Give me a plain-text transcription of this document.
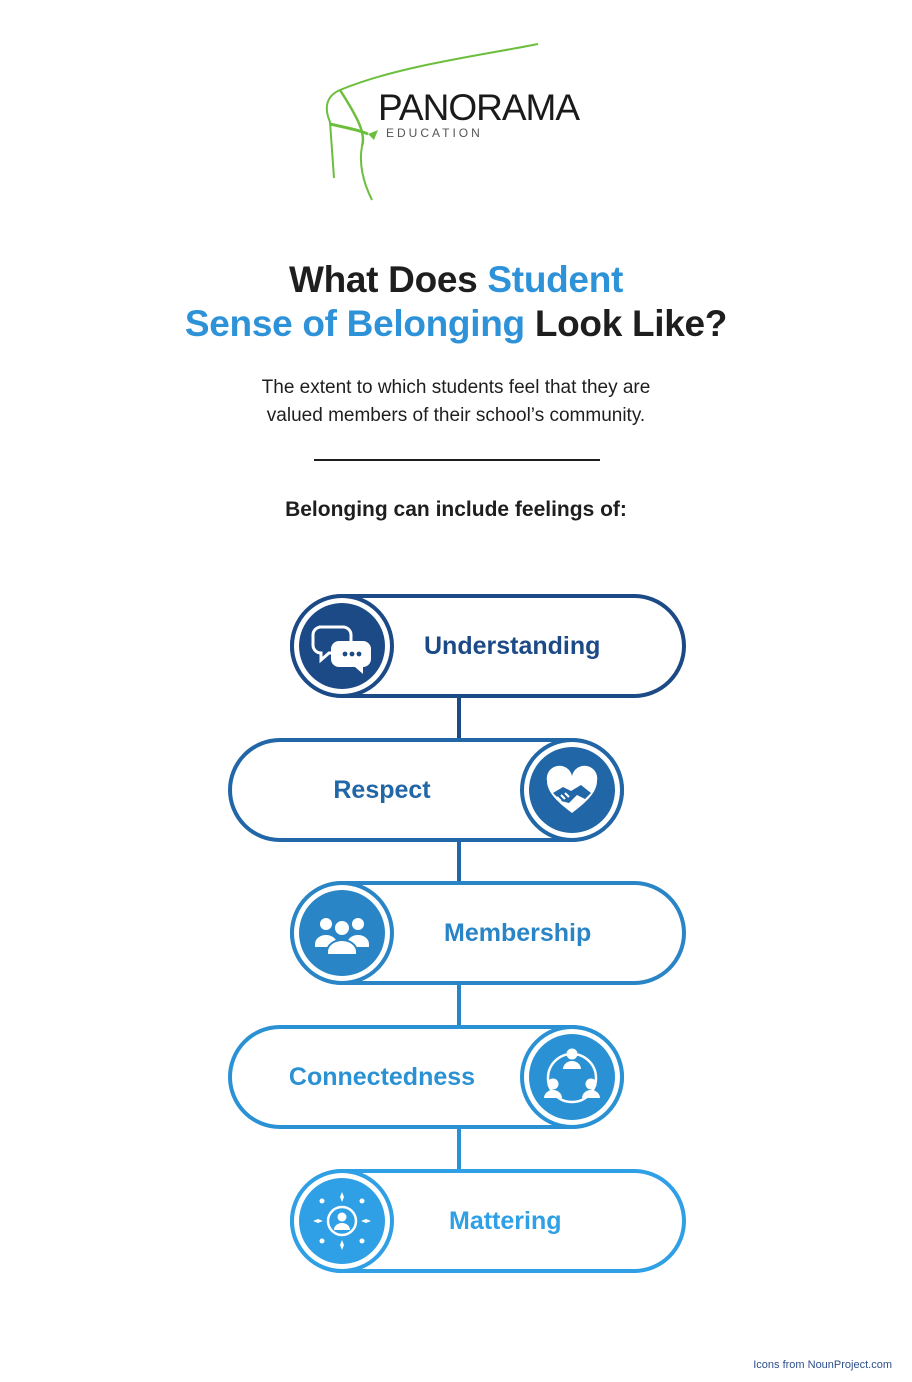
PANORAMA
EDUCATION
What Does Student
Sense of Belonging Look Like?
The extent to which students feel that they are
valued members of their school’s community.
Belonging can include feelings of:
Understanding
Respect
Membership
Connectedness
Mattering
Icons from NounProject.com
